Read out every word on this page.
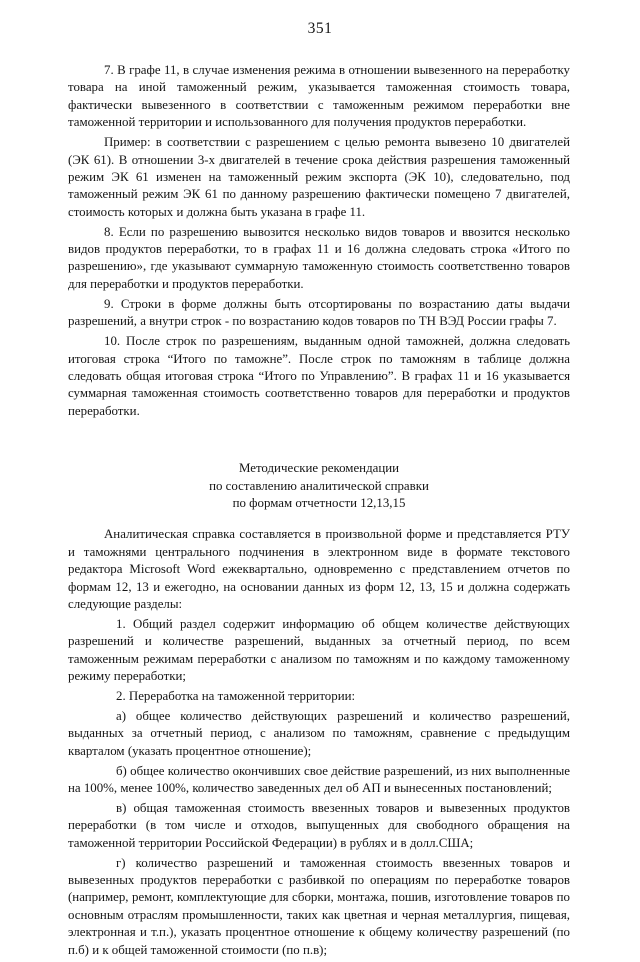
351

7. В графе 11, в случае изменения режима в отношении вывезенного на переработку товара на иной таможенный режим, указывается таможенная стоимость товара, фактически вывезенного в соответствии с таможенным режимом переработки вне таможенной территории и использованного для получения продуктов переработки.

Пример: в соответствии с разрешением с целью ремонта вывезено 10 двигателей (ЭК 61). В отношении 3-х двигателей в течение срока действия разрешения таможенный режим ЭК 61 изменен на таможенный режим экспорта (ЭК 10), следовательно, под таможенный режим ЭК 61 по данному разрешению фактически помещено 7 двигателей, стоимость которых и должна быть указана в графе 11.

8. Если по разрешению вывозится несколько видов товаров и ввозится несколько видов продуктов переработки, то в графах 11 и 16 должна следовать строка «Итого по разрешению», где указывают суммарную таможенную стоимость соответственно товаров для переработки и продуктов переработки.

9. Строки в форме должны быть отсортированы по возрастанию даты выдачи разрешений, а внутри строк - по возрастанию кодов товаров по ТН ВЭД России графы 7.

10. После строк по разрешениям, выданным одной таможней, должна следовать итоговая строка “Итого по таможне”. После строк по таможням в таблице должна следовать общая итоговая строка “Итого по Управлению”. В графах 11 и 16 указывается суммарная таможенная стоимость соответственно товаров для переработки и продуктов переработки.

Методические рекомендации
по составлению аналитической справки
по формам отчетности 12,13,15

Аналитическая справка составляется в произвольной форме и представляется РТУ и таможнями центрального подчинения в электронном виде в формате текстового редактора Microsoft Word ежеквартально, одновременно с представлением отчетов по формам 12, 13 и ежегодно, на основании данных из форм 12, 13, 15 и должна содержать следующие разделы:

1. Общий раздел содержит информацию об общем количестве действующих разрешений и количестве разрешений, выданных за отчетный период, по всем таможенным режимам переработки с анализом по таможням и по каждому таможенному режиму переработки;

2. Переработка на таможенной территории:

а) общее количество действующих разрешений и количество разрешений, выданных за отчетный период, с анализом по таможням, сравнение с предыдущим кварталом (указать процентное отношение);

б) общее количество окончивших свое действие разрешений, из них выполненные на 100%, менее 100%, количество заведенных дел об АП и вынесенных постановлений;

в) общая таможенная стоимость ввезенных товаров и вывезенных продуктов переработки (в том числе и отходов, выпущенных для свободного обращения на таможенной территории Российской Федерации) в рублях и в долл.США;

г) количество разрешений и таможенная стоимость ввезенных товаров и вывезенных продуктов переработки с разбивкой по операциям по переработке товаров (например, ремонт, комплектующие для сборки, монтажа, пошив, изготовление товаров по основным отраслям промышленности, таких как цветная и черная металлургия, пищевая, электронная и т.п.), указать процентное отношение к общему количеству разрешений (по п.б) и к общей таможенной стоимости (по п.в);
